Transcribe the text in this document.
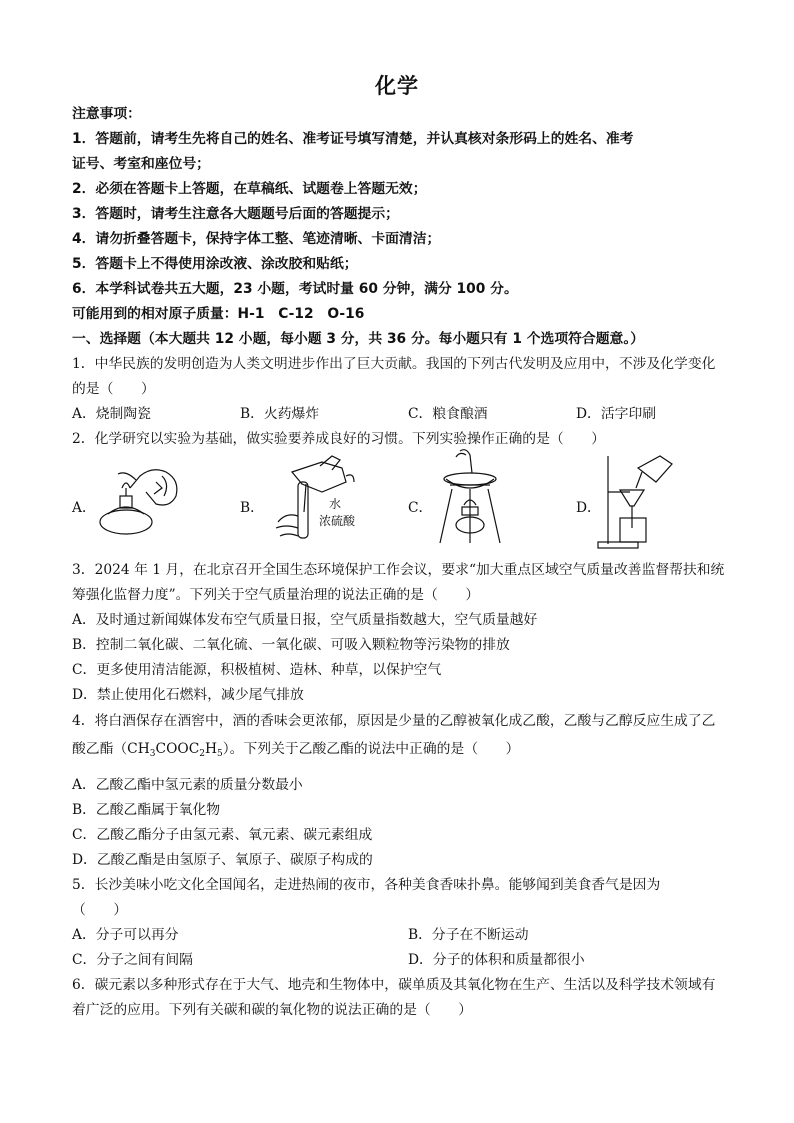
化学
注意事项：
1．答题前，请考生先将自己的姓名、准考证号填写清楚，并认真核对条形码上的姓名、准考
证号、考室和座位号；
2．必须在答题卡上答题，在草稿纸、试题卷上答题无效；
3．答题时，请考生注意各大题题号后面的答题提示；
4．请勿折叠答题卡，保持字体工整、笔迹清晰、卡面清洁；
5．答题卡上不得使用涂改液、涂改胶和贴纸；
6．本学科试卷共五大题，23 小题，考试时量 60 分钟，满分 100 分。
可能用到的相对原子质量：H-1　C-12　O-16
一、选择题（本大题共 12 小题，每小题 3 分，共 36 分。每小题只有 1 个选项符合题意。）
1．中华民族的发明创造为人类文明进步作出了巨大贡献。我国的下列古代发明及应用中，不涉及化学变化
的是（　　）
A．烧制陶瓷	B．火药爆炸	C．粮食酿酒	D．活字印刷
2．化学研究以实验为基础，做实验要养成良好的习惯。下列实验操作正确的是（　　）
A．	B．	水
浓硫酸
C．	D．
3．2024 年 1 月，在北京召开全国生态环境保护工作会议，要求“加大重点区域空气质量改善监督帮扶和统
筹强化监督力度”。下列关于空气质量治理的说法正确的是（　　）
A．及时通过新闻媒体发布空气质量日报，空气质量指数越大，空气质量越好
B．控制二氧化碳、二氧化硫、一氧化碳、可吸入颗粒物等污染物的排放
C．更多使用清洁能源，积极植树、造林、种草，以保护空气
D．禁止使用化石燃料，减少尾气排放
4．将白酒保存在酒窖中，酒的香味会更浓郁，原因是少量的乙醇被氧化成乙酸，乙酸与乙醇反应生成了乙
酸乙酯$(CH_3COOC_2H_5)$。下列关于乙酸乙酯的说法中正确的是（　　）
A．乙酸乙酯中氢元素的质量分数最小
B．乙酸乙酯属于氧化物
C．乙酸乙酯分子由氢元素、氧元素、碳元素组成
D．乙酸乙酯是由氢原子、氧原子、碳原子构成的
5．长沙美味小吃文化全国闻名，走进热闹的夜市，各种美食香味扑鼻。能够闻到美食香气是因为
（　　）
A．分子可以再分	B．分子在不断运动
C．分子之间有间隔	D．分子的体积和质量都很小
6．碳元素以多种形式存在于大气、地壳和生物体中，碳单质及其氧化物在生产、生活以及科学技术领域有
着广泛的应用。下列有关碳和碳的氧化物的说法正确的是（　　）
